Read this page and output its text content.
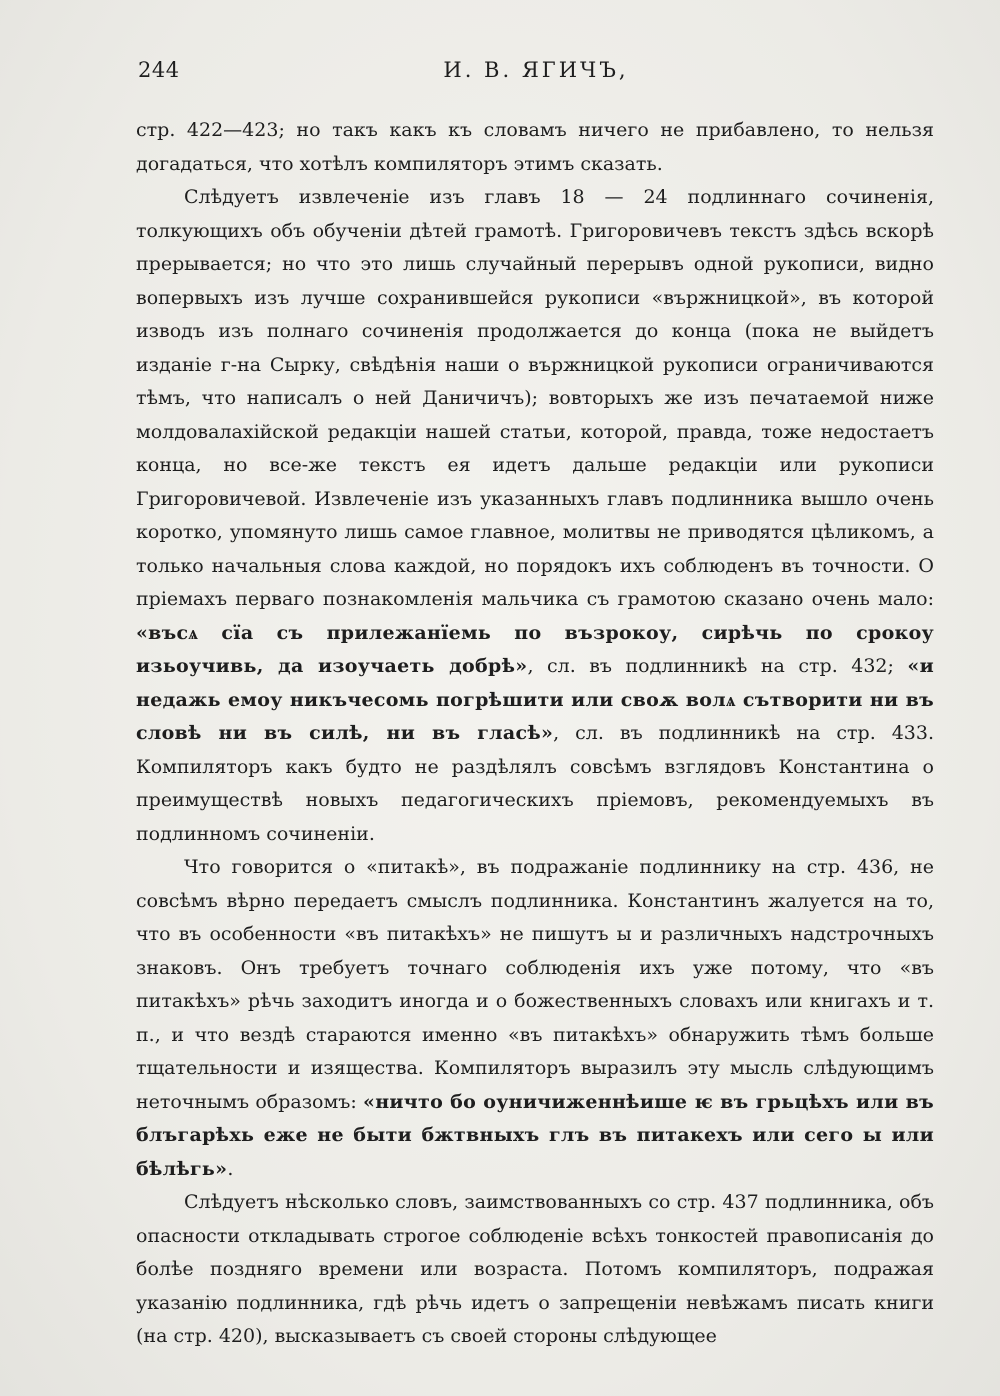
244	И. В. ЯГИЧЪ,

стр. 422—423; но такъ какъ къ словамъ ничего не прибавлено, то нельзя догадаться, что хотѣлъ компиляторъ этимъ сказать.

Слѣдуетъ извлеченіе изъ главъ 18 — 24 подлиннаго сочиненія, толкующихъ объ обученіи дѣтей грамотѣ. Григоровичевъ текстъ здѣсь вскорѣ прерывается; но что это лишь случайный перерывъ одной рукописи, видно вопервыхъ изъ лучше сохранившейся рукописи «вържницкой», въ которой изводъ изъ полнаго сочиненія продолжается до конца (пока не выйдетъ изданіе г-на Сырку, свѣдѣнія наши о вържницкой рукописи ограничиваются тѣмъ, что написалъ о ней Даничичъ); вовторыхъ же изъ печатаемой ниже молдовалахійской редакціи нашей статьи, которой, правда, тоже недостаетъ конца, но все-же текстъ ея идетъ дальше редакціи или рукописи Григоровичевой. Извлеченіе изъ указанныхъ главъ подлинника вышло очень коротко, упомянуто лишь самое главное, молитвы не приводятся цѣликомъ, а только начальныя слова каждой, но порядокъ ихъ соблюденъ въ точности. О пріемахъ перваго познакомленія мальчика съ грамотою сказано очень мало: «въсѧ сїа съ прилежанїемь по възрокоу, сирѣчь по срокоу изьоучивь, да изоучаеть добрѣ», сл. въ подлинникѣ на стр. 432; «и недажь емоу никъчесомь погрѣшити или своѫ волѧ сътворити ни въ словѣ ни въ силѣ, ни въ гласѣ», сл. въ подлинникѣ на стр. 433. Компиляторъ какъ будто не раздѣлялъ совсѣмъ взглядовъ Константина о преимуществѣ новыхъ педагогическихъ пріемовъ, рекомендуемыхъ въ подлинномъ сочиненіи.

Что говорится о «питакѣ», въ подражаніе подлиннику на стр. 436, не совсѣмъ вѣрно передаетъ смыслъ подлинника. Константинъ жалуется на то, что въ особенности «въ питакѣхъ» не пишутъ ы и различныхъ надстрочныхъ знаковъ. Онъ требуетъ точнаго соблюденія ихъ уже потому, что «въ питакѣхъ» рѣчь заходитъ иногда и о божественныхъ словахъ или книгахъ и т. п., и что вездѣ стараются именно «въ питакѣхъ» обнаружить тѣмъ больше тщательности и изящества. Компиляторъ выразилъ эту мысль слѣдующимъ неточнымъ образомъ: «ничто бо оуничиженнѣише ѥ въ грьцѣхъ или въ блъгарѣхь еже не быти бжтвныхъ глъ въ питакехъ или сего ы или бѣлѣгь».

Слѣдуетъ нѣсколько словъ, заимствованныхъ со стр. 437 подлинника, объ опасности откладывать строгое соблюденіе всѣхъ тонкостей правописанія до болѣе поздняго времени или возраста. Потомъ компиляторъ, подражая указанію подлинника, гдѣ рѣчь идетъ о запрещеніи невѣжамъ писать книги (на стр. 420), высказываетъ съ своей стороны слѣдующее
